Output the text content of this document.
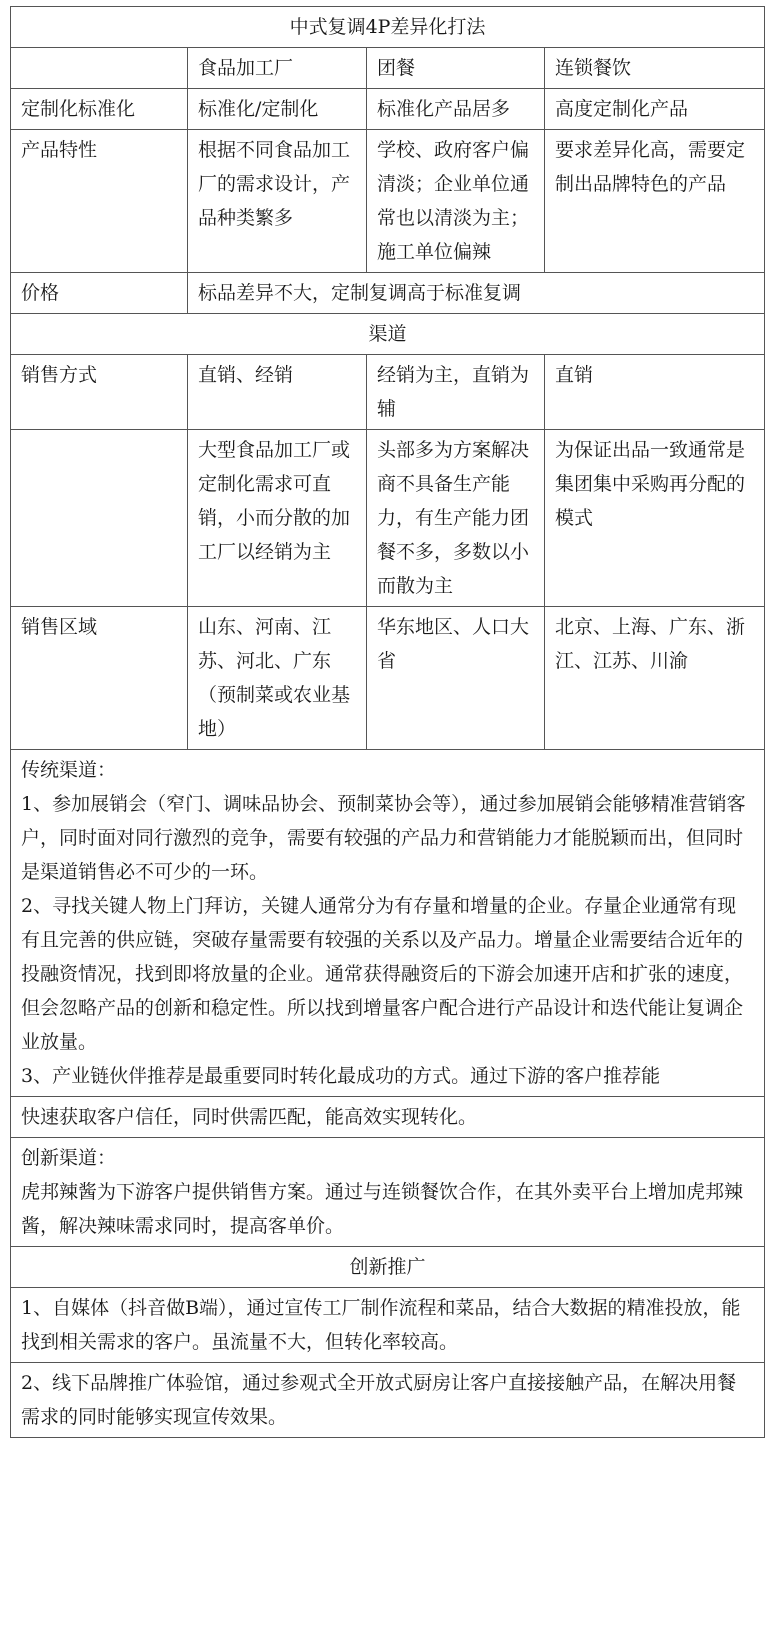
中式复调4P差异化打法			
	食品加工厂	团餐	连锁餐饮
定制化标准化	标准化/定制化	标准化产品居多	高度定制化产品
产品特性	根据不同食品加工厂的需求设计，产品种类繁多	学校、政府客户偏清淡；企业单位通常也以清淡为主；施工单位偏辣	要求差异化高，需要定制出品牌特色的产品
价格	标品差异不大，定制复调高于标准复调		
渠道			
销售方式	直销、经销	经销为主，直销为辅	直销
	大型食品加工厂或定制化需求可直销，小而分散的加工厂以经销为主	头部多为方案解决商不具备生产能力，有生产能力团餐不多，多数以小而散为主	为保证出品一致通常是集团集中采购再分配的模式
销售区域	山东、河南、江苏、河北、广东（预制菜或农业基地）	华东地区、人口大省	北京、上海、广东、浙江、江苏、川渝

传统渠道：
1、参加展销会（窄门、调味品协会、预制菜协会等），通过参加展销会能够精准营销客户，同时面对同行激烈的竞争，需要有较强的产品力和营销能力才能脱颖而出，但同时是渠道销售必不可少的一环。
2、寻找关键人物上门拜访，关键人通常分为有存量和增量的企业。存量企业通常有现有且完善的供应链，突破存量需要有较强的关系以及产品力。增量企业需要结合近年的投融资情况，找到即将放量的企业。通常获得融资后的下游会加速开店和扩张的速度，但会忽略产品的创新和稳定性。所以找到增量客户配合进行产品设计和迭代能让复调企业放量。
3、产业链伙伴推荐是最重要同时转化最成功的方式。通过下游的客户推荐能			

快速获取客户信任，同时供需匹配，能高效实现转化。			

创新渠道：
虎邦辣酱为下游客户提供销售方案。通过与连锁餐饮合作，在其外卖平台上增加虎邦辣酱，解决辣味需求同时，提高客单价。			

创新推广			
1、自媒体（抖音做B端），通过宣传工厂制作流程和菜品，结合大数据的精准投放，能找到相关需求的客户。虽流量不大，但转化率较高。			
2、线下品牌推广体验馆，通过参观式全开放式厨房让客户直接接触产品，在解决用餐需求的同时能够实现宣传效果。			
